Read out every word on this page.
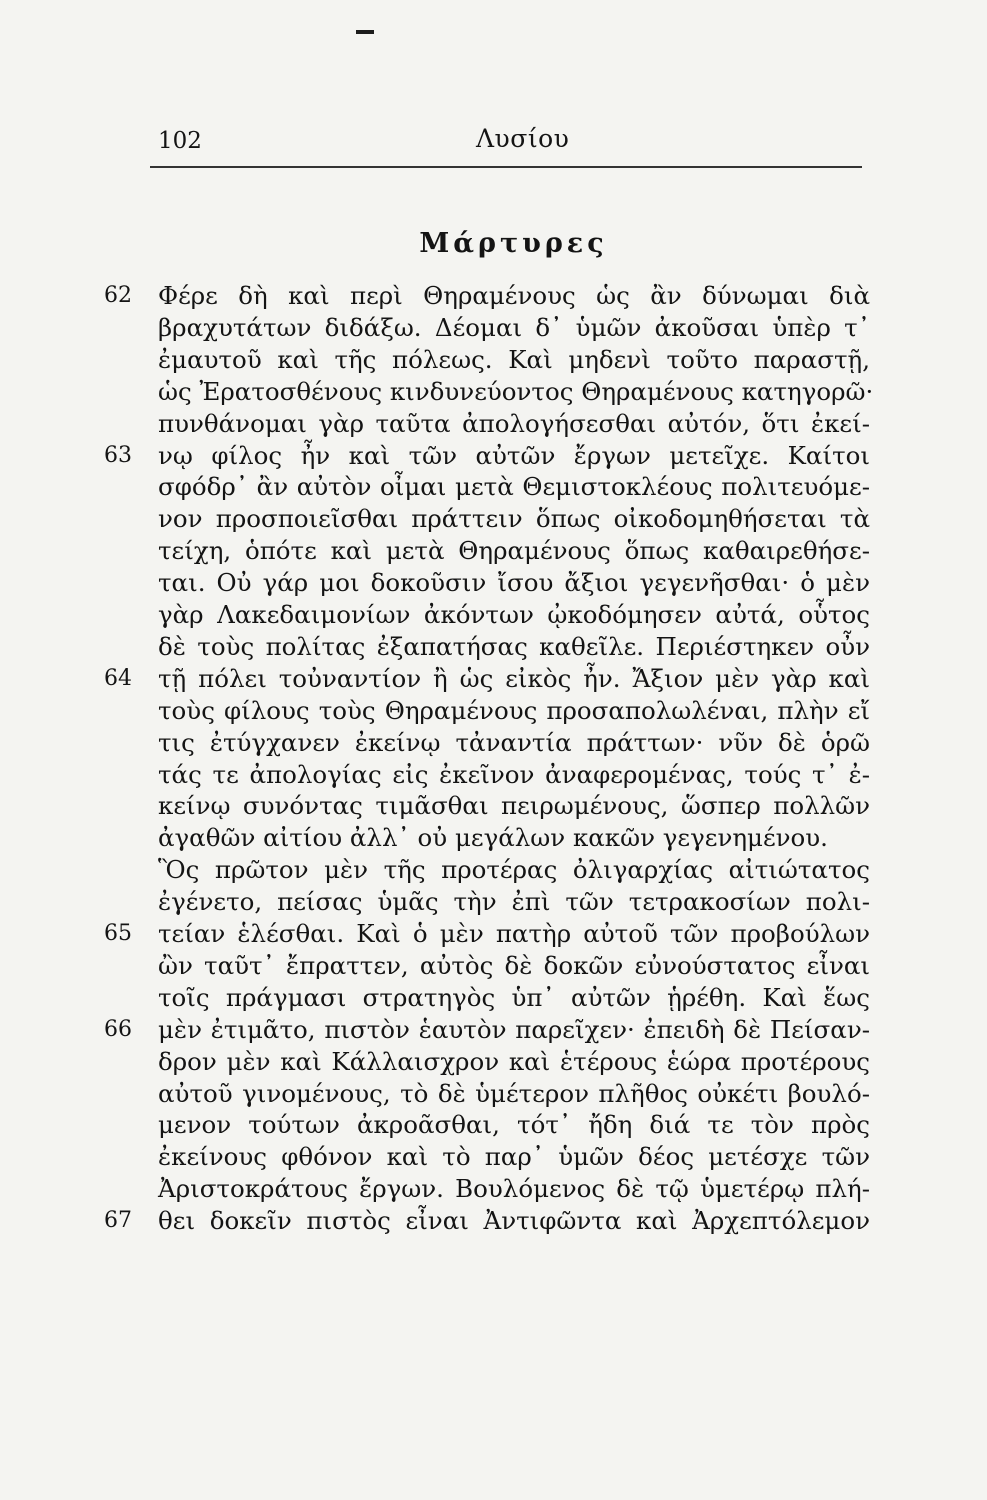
102	Λυσίου
Μάρτυρες
Φέρε δὴ καὶ περὶ Θηραμένους ὡς ἂν δύνωμαι διὰ
βραχυτάτων διδάξω. Δέομαι δ᾽ ὑμῶν ἀκοῦσαι ὑπὲρ τ᾽
ἐμαυτοῦ καὶ τῆς πόλεως. Καὶ μηδενὶ τοῦτο παραστῇ,
ὡς Ἐρατοσθένους κινδυνεύοντος Θηραμένους κατηγορῶ·
πυνθάνομαι γὰρ ταῦτα ἀπολογήσεσθαι αὐτόν, ὅτι ἐκεί-
νῳ φίλος ἦν καὶ τῶν αὐτῶν ἔργων μετεῖχε. Καίτοι
σφόδρ᾽ ἂν αὐτὸν οἶμαι μετὰ Θεμιστοκλέους πολιτευόμε-
νον προσποιεῖσθαι πράττειν ὅπως οἰκοδομηθήσεται τὰ
τείχη, ὁπότε καὶ μετὰ Θηραμένους ὅπως καθαιρεθήσε-
ται. Οὐ γάρ μοι δοκοῦσιν ἴσου ἄξιοι γεγενῆσθαι· ὁ μὲν
γὰρ Λακεδαιμονίων ἀκόντων ᾠκοδόμησεν αὐτά, οὗτος
δὲ τοὺς πολίτας ἐξαπατήσας καθεῖλε. Περιέστηκεν οὖν
τῇ πόλει τοὐναντίον ἢ ὡς εἰκὸς ἦν. Ἄξιον μὲν γὰρ καὶ
τοὺς φίλους τοὺς Θηραμένους προσαπολωλέναι, πλὴν εἴ
τις ἐτύγχανεν ἐκείνῳ τἀναντία πράττων· νῦν δὲ ὁρῶ
τάς τε ἀπολογίας εἰς ἐκεῖνον ἀναφερομένας, τούς τ᾽ ἐ-
κείνῳ συνόντας τιμᾶσθαι πειρωμένους, ὥσπερ πολλῶν
ἀγαθῶν αἰτίου ἀλλ᾽ οὐ μεγάλων κακῶν γεγενημένου.
Ὃς πρῶτον μὲν τῆς προτέρας ὀλιγαρχίας αἰτιώτατος
ἐγένετο, πείσας ὑμᾶς τὴν ἐπὶ τῶν τετρακοσίων πολι-
τείαν ἑλέσθαι. Καὶ ὁ μὲν πατὴρ αὐτοῦ τῶν προβούλων
ὢν ταῦτ᾽ ἔπραττεν, αὐτὸς δὲ δοκῶν εὐνούστατος εἶναι
τοῖς πράγμασι στρατηγὸς ὑπ᾽ αὐτῶν ᾑρέθη. Καὶ ἕως
μὲν ἐτιμᾶτο, πιστὸν ἑαυτὸν παρεῖχεν· ἐπειδὴ δὲ Πείσαν-
δρον μὲν καὶ Κάλλαισχρον καὶ ἑτέρους ἑώρα προτέρους
αὐτοῦ γινομένους, τὸ δὲ ὑμέτερον πλῆθος οὐκέτι βουλό-
μενον τούτων ἀκροᾶσθαι, τότ᾽ ἤδη διά τε τὸν πρὸς
ἐκείνους φθόνον καὶ τὸ παρ᾽ ὑμῶν δέος μετέσχε τῶν
Ἀριστοκράτους ἔργων. Βουλόμενος δὲ τῷ ὑμετέρῳ πλή-
θει δοκεῖν πιστὸς εἶναι Ἀντιφῶντα καὶ Ἀρχεπτόλεμον
62
63
64
65
66
67
